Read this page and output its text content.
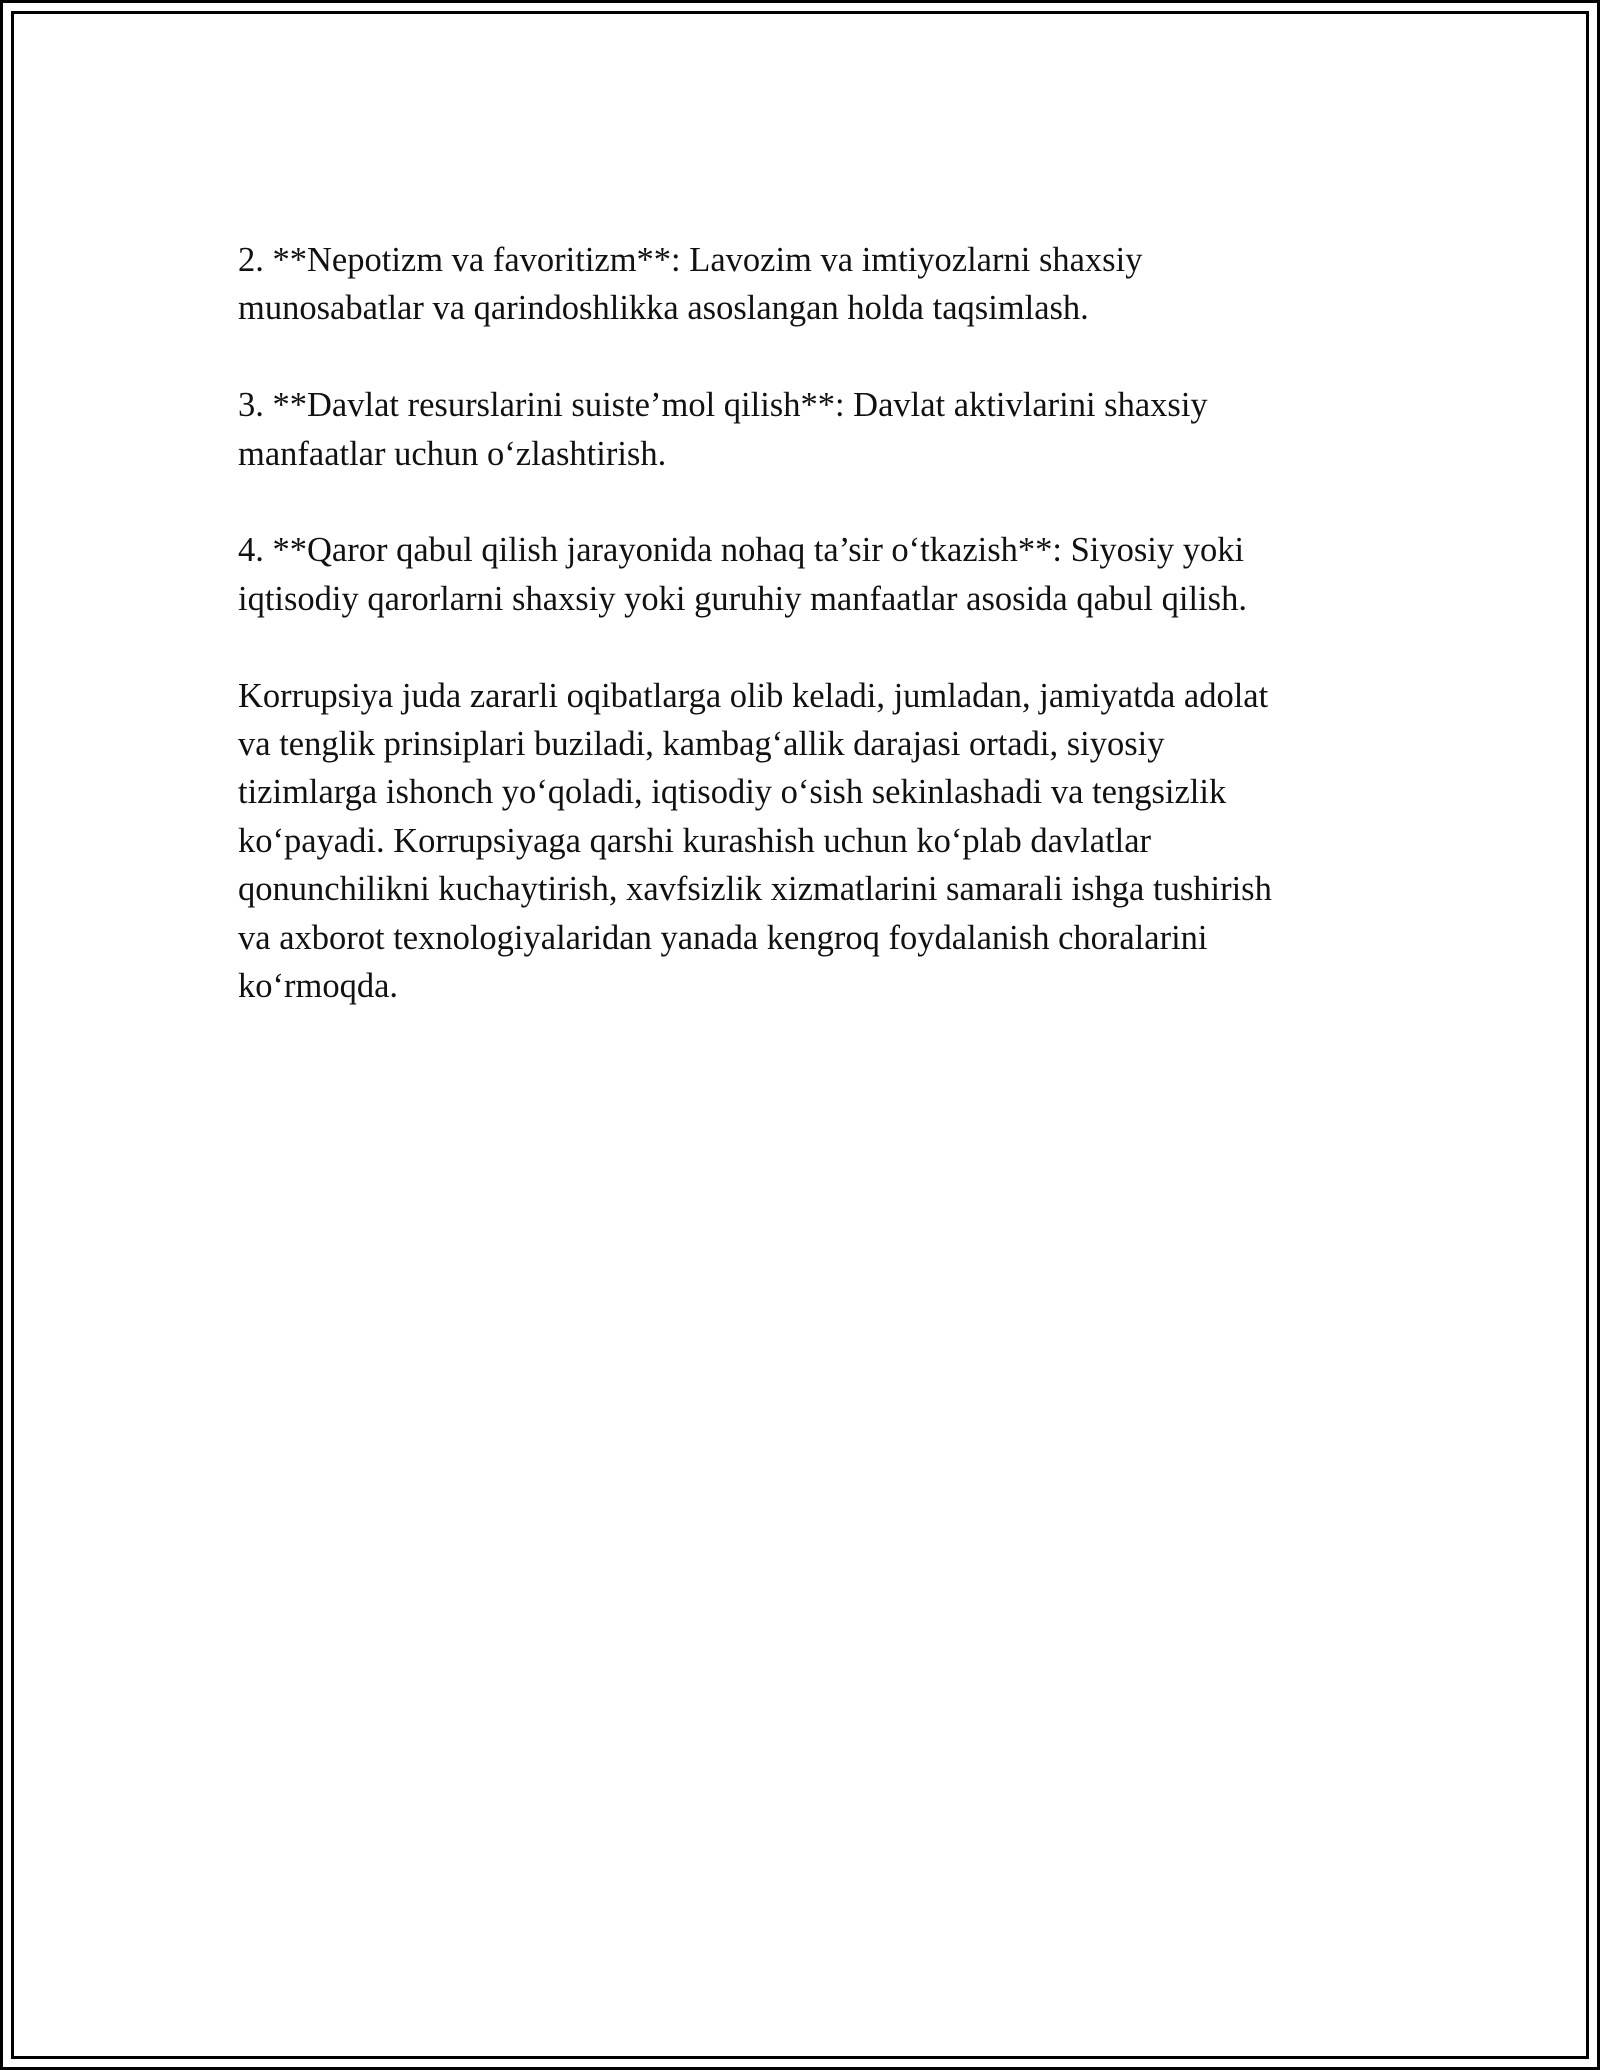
2. **Nepotizm va favoritizm**: Lavozim va imtiyozlarni shaxsiy
munosabatlar va qarindoshlikka asoslangan holda taqsimlash.

3. **Davlat resurslarini suiste’mol qilish**: Davlat aktivlarini shaxsiy
manfaatlar uchun o‘zlashtirish.

4. **Qaror qabul qilish jarayonida nohaq ta’sir o‘tkazish**: Siyosiy yoki
iqtisodiy qarorlarni shaxsiy yoki guruhiy manfaatlar asosida qabul qilish.

Korrupsiya juda zararli oqibatlarga olib keladi, jumladan, jamiyatda adolat
va tenglik prinsiplari buziladi, kambag‘allik darajasi ortadi, siyosiy
tizimlarga ishonch yo‘qoladi, iqtisodiy o‘sish sekinlashadi va tengsizlik
ko‘payadi. Korrupsiyaga qarshi kurashish uchun ko‘plab davlatlar
qonunchilikni kuchaytirish, xavfsizlik xizmatlarini samarali ishga tushirish
va axborot texnologiyalaridan yanada kengroq foydalanish choralarini
ko‘rmoqda.
